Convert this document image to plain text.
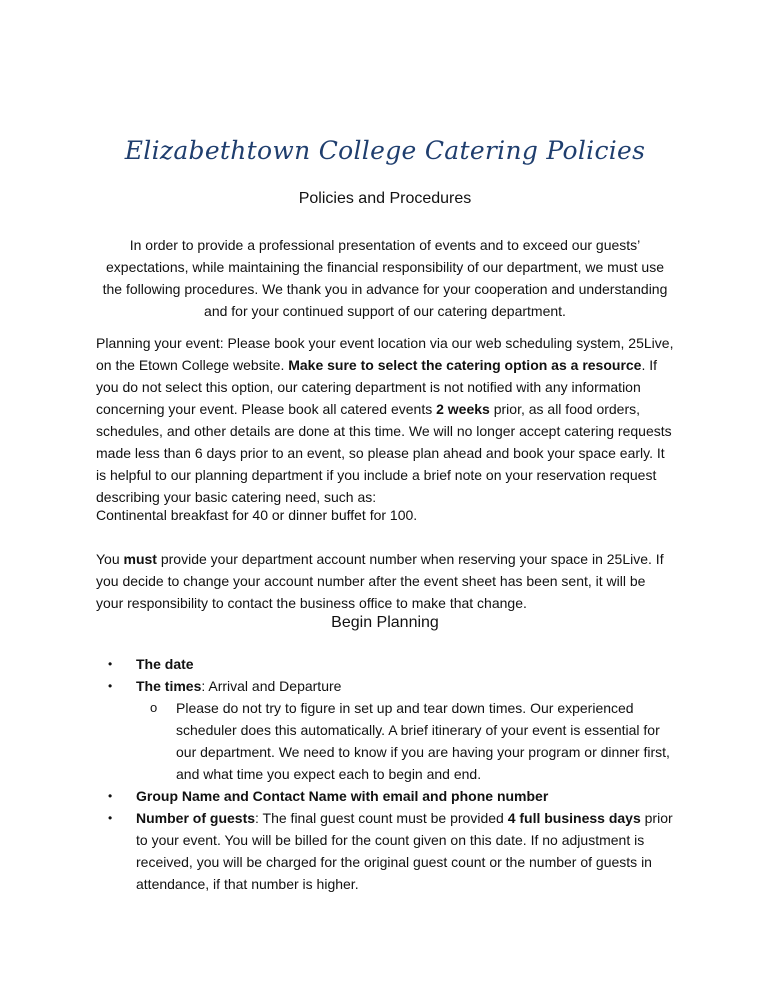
Elizabethtown College Catering Policies
Policies and Procedures
In order to provide a professional presentation of events and to exceed our guests’ expectations, while maintaining the financial responsibility of our department, we must use the following procedures. We thank you in advance for your cooperation and understanding and for your continued support of our catering department.
Planning your event: Please book your event location via our web scheduling system, 25Live, on the Etown College website. Make sure to select the catering option as a resource. If you do not select this option, our catering department is not notified with any information concerning your event. Please book all catered events 2 weeks prior, as all food orders, schedules, and other details are done at this time. We will no longer accept catering requests made less than 6 days prior to an event, so please plan ahead and book your space early. It is helpful to our planning department if you include a brief note on your reservation request describing your basic catering need, such as:
Continental breakfast for 40 or dinner buffet for 100.
You must provide your department account number when reserving your space in 25Live. If you decide to change your account number after the event sheet has been sent, it will be your responsibility to contact the business office to make that change.
Begin Planning
• The date
• The times: Arrival and Departure
o Please do not try to figure in set up and tear down times. Our experienced scheduler does this automatically. A brief itinerary of your event is essential for our department. We need to know if you are having your program or dinner first, and what time you expect each to begin and end.
• Group Name and Contact Name with email and phone number
• Number of guests: The final guest count must be provided 4 full business days prior to your event. You will be billed for the count given on this date. If no adjustment is received, you will be charged for the original guest count or the number of guests in attendance, if that number is higher.
